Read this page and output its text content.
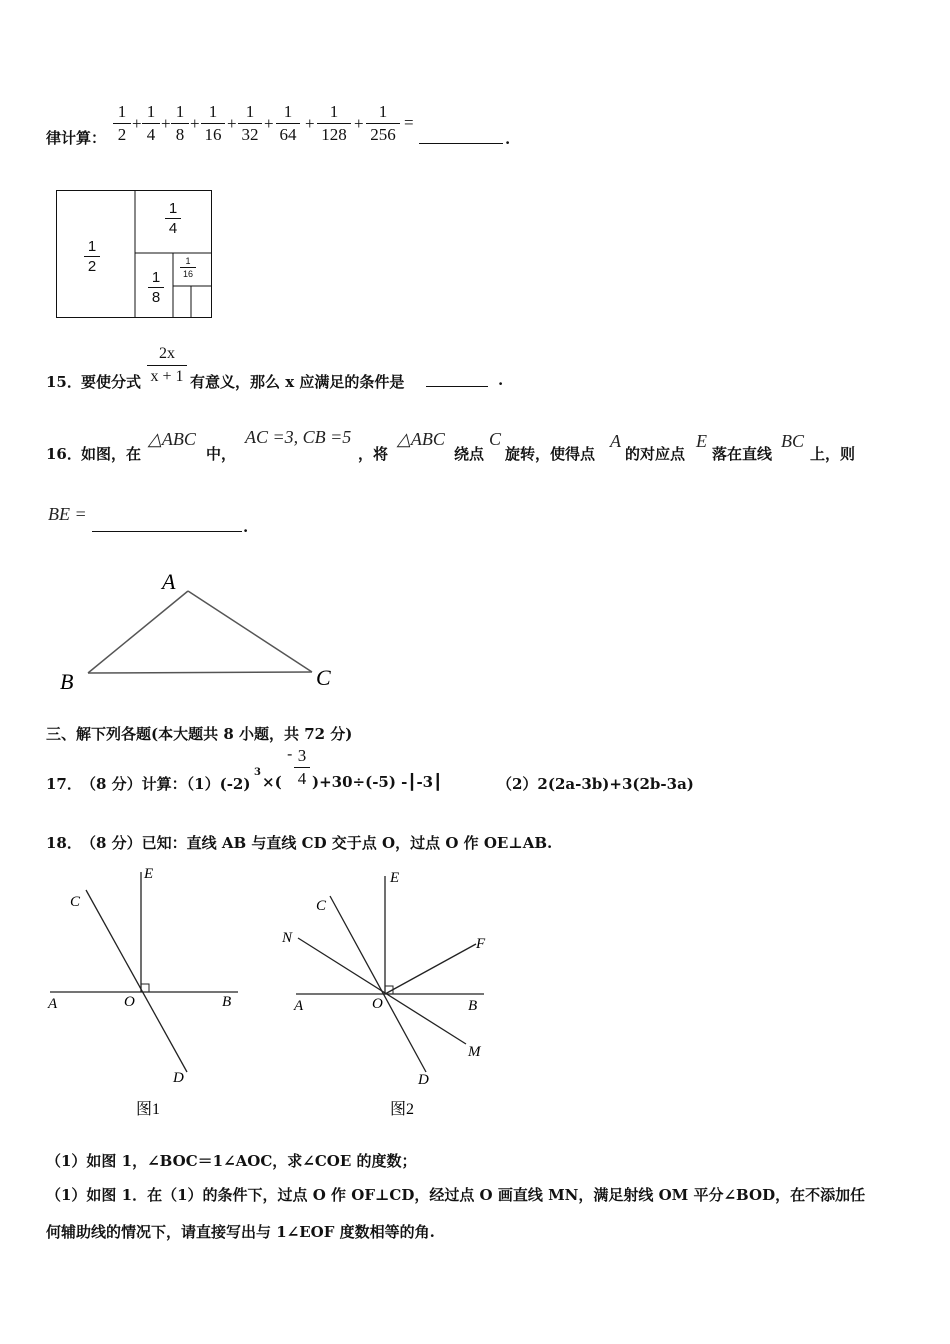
律计算：
1
2
+
1
4
+
1
8
+
1
16
+
1
32
+
1
64
+
1
128
+
1
256
=
.
1
2
1
4
1
8
1
16
15． 要使分式
2x
x + 1 有意义，那么 x 应满足的条件是	.
16． 如图，在
△ABC
中，
AC =3, CB =5
，将
△ABC
绕点
C
旋转，使得点
A
的对应点
E
落在直线
BC
上，则
BE =
.
A
B	C
三、解下列各题(本大题共 8 小题，共 72 分)
17． （8 分）计算：（1）(-2)
3
×(
- 3
4 )+30÷(-5) -┃-3┃	（2）2(2a-3b)+3(2b-3a)
18． （8 分）已知：直线 AB 与直线 CD 交于点 O，过点 O 作 OE⊥AB.
E
C
A	O	B
D
图1
E
C
N	F
A	O	B
M
D
图2
（1）如图 1，∠BOC＝1∠AOC，求∠COE 的度数；
（1）如图 1．在（1）的条件下，过点 O 作 OF⊥CD，经过点 O 画直线 MN，满足射线 OM 平分∠BOD，在不添加任
何辅助线的情况下，请直接写出与 1∠EOF 度数相等的角.
